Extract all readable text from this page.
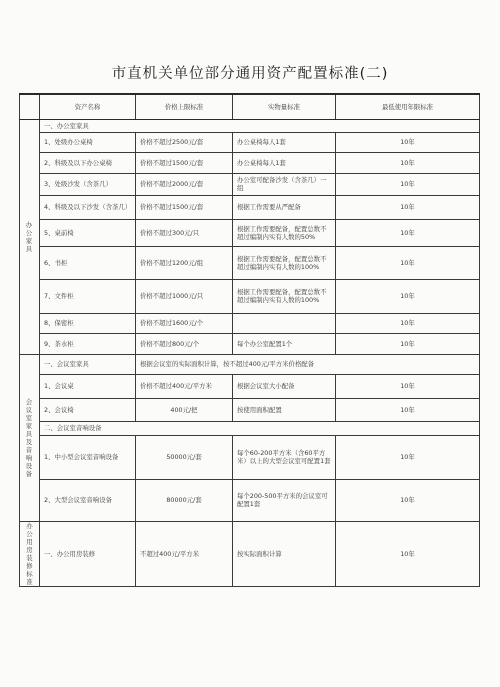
市直机关单位部分通用资产配置标准(二)
	资产名称	价格上限标准	实物量标准	最低使用年限标准
办公家具	一、办公室家具			
	1、处级办公桌椅	价格不超过2500元/套	办公桌椅每人1套	10年
	2、科级及以下办公桌椅	价格不超过1500元/套	办公桌椅每人1套	10年
	3、处级沙发（含茶几）	价格不超过2000元/套	办公室可配备沙发（含茶几）一组	10年
	4、科级及以下沙发（含茶几）	价格不超过1500元/套	根据工作需要从严配备	10年
	5、桌前椅	价格不超过300元/只	根据工作需要配备，配置总数不超过编制内实有人数的50%	10年
	6、书柜	价格不超过1200元/组	根据工作需要配备，配置总数不超过编制内实有人数的100%	10年
	7、文件柜	价格不超过1000元/只	根据工作需要配备，配置总数不超过编制内实有人数的100%	10年
	8、保密柜	价格不超过1600元/个		10年
	9、茶水柜	价格不超过800元/个	每个办公室配置1个	10年
会议室家具及音响设备	一、会议室家具	根据会议室的实际面积计算，按不超过400元/平方米价格配备		
	1、会议桌	价格不超过400元/平方米	根据会议室大小配备	10年
	2、会议椅	400元/把	按使用面积配置	10年
	二、会议室音响设备			
	1、中小型会议室音响设备	50000元/套	每个60-200平方米（含60平方米）以上的大型会议室可配置1套	10年
	2、大型会议室音响设备	80000元/套	每个200-500平方米的会议室可配置1套	10年
办公用房装修标准	一、办公用房装修	不超过400元/平方米	按实际面积计算	10年
